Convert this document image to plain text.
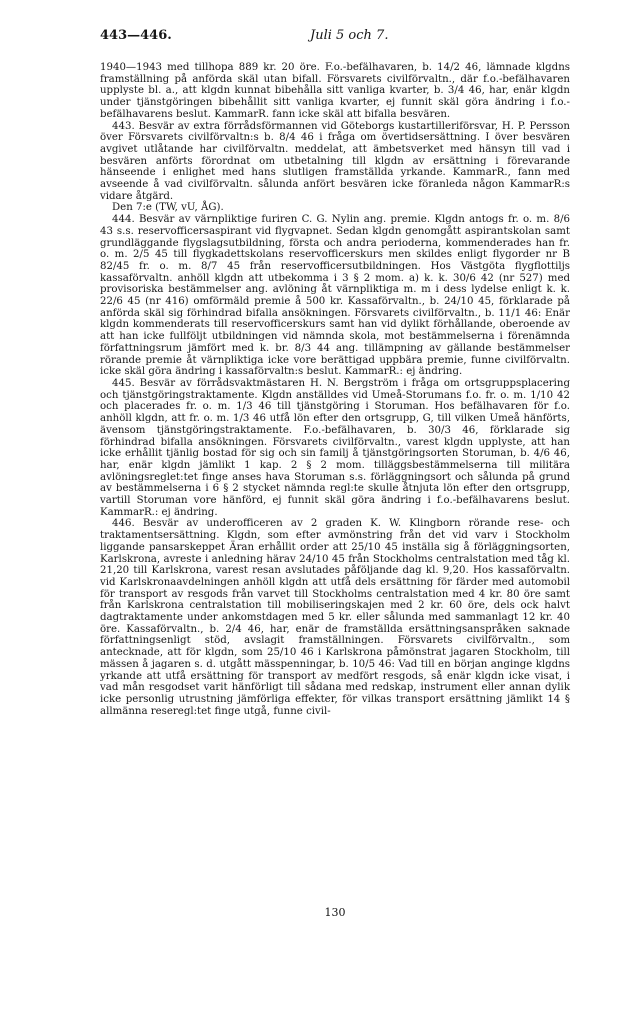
443—446.	Juli 5 och 7.

1940—1943 med tillhopa 889 kr. 20 öre. F.o.-befälhavaren, b. 14/2 46, lämnade klgdns framställning på anförda skäl utan bifall. Försvarets civilförvaltn., där f.o.-befälhavaren upplyste bl. a., att klgdn kunnat bibehålla sitt vanliga kvarter, b. 3/4 46, har, enär klgdn under tjänstgöringen bibehållit sitt vanliga kvarter, ej funnit skäl göra ändring i f.o.-befälhavarens beslut. KammarR. fann icke skäl att bifalla besvären.

443. Besvär av extra förrådsförmannen vid Göteborgs kustartilleriförsvar, H. P. Persson över Försvarets civilförvaltn:s b. 8/4 46 i fråga om övertidsersättning. I över besvären avgivet utlåtande har civilförvaltn. meddelat, att ämbetsverket med hänsyn till vad i besvären anförts förordnat om utbetalning till klgdn av ersättning i förevarande hänseende i enlighet med hans slutligen framställda yrkande. KammarR., fann med avseende å vad civilförvaltn. sålunda anfört besvären icke föranleda någon KammarR:s vidare åtgärd.

Den 7:e (TW, vU, ÅG).

444. Besvär av värnpliktige furiren C. G. Nylin ang. premie. Klgdn antogs fr. o. m. 8/6 43 s.s. reservofficersaspirant vid flygvapnet. Sedan klgdn genomgått aspirantskolan samt grundläggande flygslagsutbildning, första och andra perioderna, kommenderades han fr. o. m. 2/5 45 till flygkadettskolans reservofficerskurs men skildes enligt flygorder nr B 82/45 fr. o. m. 8/7 45 från reservofficersutbildningen. Hos Västgöta flygflottiljs kassaförvaltn. anhöll klgdn att utbekomma i 3 § 2 mom. a) k. k. 30/6 42 (nr 527) med provisoriska bestämmelser ang. avlöning åt värnpliktiga m. m i dess lydelse enligt k. k. 22/6 45 (nr 416) omförmäld premie å 500 kr. Kassaförvaltn., b. 24/10 45, förklarade på anförda skäl sig förhindrad bifalla ansökningen. Försvarets civilförvaltn., b. 11/1 46: Enär klgdn kommenderats till reservofficerskurs samt han vid dylikt förhållande, oberoende av att han icke fullföljt utbildningen vid nämnda skola, mot bestämmelserna i förenämnda författningsrum jämfört med k. br. 8/3 44 ang. tillämpning av gällande bestämmelser rörande premie åt värnpliktiga icke vore berättigad uppbära premie, funne civilförvaltn. icke skäl göra ändring i kassaförvaltn:s beslut. KammarR.: ej ändring.

445. Besvär av förrådsvaktmästaren H. N. Bergström i fråga om ortsgruppsplacering och tjänstgöringstraktamente. Klgdn anställdes vid Umeå-Storumans f.o. fr. o. m. 1/10 42 och placerades fr. o. m. 1/3 46 till tjänstgöring i Storuman. Hos befälhavaren för f.o. anhöll klgdn, att fr. o. m. 1/3 46 utfå lön efter den ortsgrupp, G, till vilken Umeå hänförts, ävensom tjänstgöringstraktamente. F.o.-befälhavaren, b. 30/3 46, förklarade sig förhindrad bifalla ansökningen. Försvarets civilförvaltn., varest klgdn upplyste, att han icke erhållit tjänlig bostad för sig och sin familj å tjänstgöringsorten Storuman, b. 4/6 46, har, enär klgdn jämlikt 1 kap. 2 § 2 mom. tilläggsbestämmelserna till militära avlöningsreglet:tet finge anses hava Storuman s.s. förläggningsort och sålunda på grund av bestämmelserna i 6 § 2 stycket nämnda regl:te skulle åtnjuta lön efter den ortsgrupp, vartill Storuman vore hänförd, ej funnit skäl göra ändring i f.o.-befälhavarens beslut. KammarR.: ej ändring.

446. Besvär av underofficeren av 2 graden K. W. Klingborn rörande rese- och traktamentsersättning. Klgdn, som efter avmönstring från det vid varv i Stockholm liggande pansarskeppet Äran erhållit order att 25/10 45 inställa sig å förläggningsorten, Karlskrona, avreste i anledning härav 24/10 45 från Stockholms centralstation med tåg kl. 21,20 till Karlskrona, varest resan avslutades påföljande dag kl. 9,20. Hos kassaförvaltn. vid Karlskronaavdelningen anhöll klgdn att utfå dels ersättning för färder med automobil för transport av resgods från varvet till Stockholms centralstation med 4 kr. 80 öre samt från Karlskrona centralstation till mobiliseringskajen med 2 kr. 60 öre, dels ock halvt dagtraktamente under ankomstdagen med 5 kr. eller sålunda med sammanlagt 12 kr. 40 öre. Kassaförvaltn., b. 2/4 46, har, enär de framställda ersättningsanspråken saknade författningsenligt stöd, avslagit framställningen. Försvarets civilförvaltn., som antecknade, att för klgdn, som 25/10 46 i Karlskrona påmönstrat jagaren Stockholm, till mässen å jagaren s. d. utgått mässpenningar, b. 10/5 46: Vad till en början anginge klgdns yrkande att utfå ersättning för transport av medfört resgods, så enär klgdn icke visat, i vad mån resgodset varit hänförligt till sådana med redskap, instrument eller annan dylik icke personlig utrustning jämförliga effekter, för vilkas transport ersättning jämlikt 14 § allmänna reseregl:tet finge utgå, funne civil-

130
